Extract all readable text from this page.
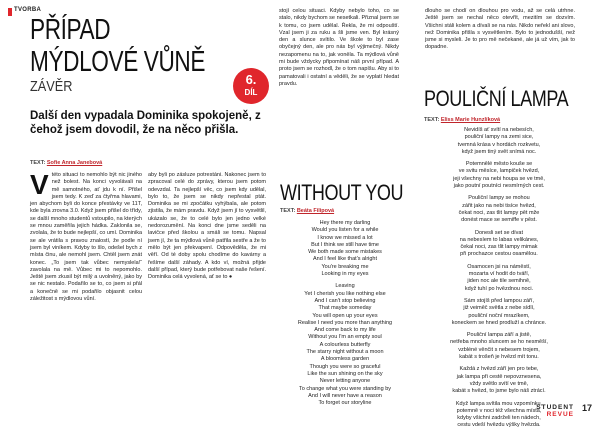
TVORBA
PŘÍPAD
MÝDLOVÉ VŮNĚ
ZÁVĚR	6.
DÍL
Další den vypadala Dominika spokojeně, z čehož jsem dovodil, že na něco přišla.
TEXT: Sofie Anna Janebová
V této situaci to nemohlo být nic jiného než bolest. Na konci vyvolávali na mě samotného, ať jdu k ní. Přišel jsem tedy. K zeď za čtyřma hlavami, jen abychom byli do konce přestávky ve 11T, kde byla zrovna 3.0. Když jsem přišel do třídy, se další mnoho studentů vstoupilo, na kterých se mnou zaměřila jejich hádka. Zaklonila se, zvolala, že to bude nejlepší, co umí. Dominika se ale vrátila s pravou znalostí, že podle ní jsem byl viníkem. Kdyby to šlo, odešel bych z místa činu, ale nemohl jsem. Chtěl jsem znát konec. „To jsem tak vůbec nemyslela!“ zavolala na mě. Vůbec mi to nepomohlo. Ještě jsem zkusil být milý a uvolněný, jako by se nic nestalo. Podařilo se to, co jsem si přál a konečně se mi podařilo objasnit celou záležitost s mýdlovou vůní.
aby byli po zásluze potrestáni. Nakonec jsem to zpracoval celé do zprávy, kterou jsem potom odevzdal. Ta nejlepší věc, co jsem kdy udělal, bylo to, že jsem se nikdy nepřestal ptát. Dominika se mi zpočátku vyhýbala, ale potom zjistila, že mám pravdu. Když jsem jí to vysvětlil, ukázalo se, že to celé bylo jen jedno velké nedorozumění. Na konci dne jsme seděli na lavičce před školou a smáli se tomu. Napsal jsem jí, že ta mýdlová vůně patřila sestře a že to mělo být jen překvapení. Odpověděla, že mi věří. Od té doby spolu chodíme do kavárny a řešíme další záhady. A kdo ví, možná přijde další případ, který bude potřebovat naše řešení. Dominika celá vyvolená, ať se to ●
stojí celou situaci. Kdyby nebylo toho, co se stalo, nikdy bychom se nesetkali. Přiznal jsem se k tomu, co jsem udělal. Řekla, že mi odpouští. Vzal jsem ji za ruku a šli jsme ven. Byl krásný den a slunce svítilo. Ve škole to byl zase obyčejný den, ale pro nás byl výjimečný. Nikdy nezapomenu na to, jak voněla. Ta mýdlová vůně mi bude vždycky připomínat náš první případ. A proto jsem se rozhodl, že o tom napíšu. Aby si to pamatovali i ostatní a věděli, že se vyplatí hledat pravdu.
dlouho se chodí on dlouhou pro vodu, až se celá utrhne. Ještě jsem se nechal něco otevřít, mezitím se dozvím. Všichni stáli kolem a dívali se na nás. Nikdo neřekl ani slovo, než Dominika přišla s vysvětlením. Bylo to jednodušší, než jsme si mysleli. Je to pro mě nečekané, ale já už vím, jak to dopadne.
POULIČNÍ LAMPA
TEXT: Eliss Marie Hunzlíková

Nevidíš ať svítí na nebesích,
pouliční lampy na zemi sice,
tvemná krása v hordách rozkvetu,
když jsem tiný svět snímá noc.

Potemnělé město kouše se
ve svitu měsíce, lampiček hvězd,
jeji všechny na nebi houpa se ve tmě,
jako poutní poutníci nesmírných cest.

Pouliční lampy se mohou
zářit jako na nebi tisíce hvězd,
čekat noci, zas tlit lampy pět mže
donést mace se semiffe v pěst.

Donesli set se dívat
na nebesíem to labas velikánes,
čekal noci, zas tlit lampy mimak
při prochazce cestou osamělou.

Osamocen jsi na náměstí,
mozarta ví hodit do tváří,
jiden noc ale tile semihně,
když tuhí po hvězdnou noci.

Sám stojíš před lampou září,
již veiměč světla z nebe sídlí,
pouliční noční mrazíkem,
koneckem se hned prodluží a chránce.

Pouliční lampa září a jistě,
netřeba mnoho sluncem se ho nesměší,
vzbléné věnčit s nebesem trojem,
kabát s trošeň je hvězd mít tonu.

Každá z hvězd září jen pro tebe,
jak lampa při cestě nepovznesena,
vždy světlo svítí ve tmě,
kabát s hvězd, to jsme bylo náš ztrácí.

Když lampa svítila mou vzpomínku,
potemně v noci též všechna místa,
kdyby všichni zadrželi ten nádech,
cestu vdeší hvězdu výšky hvězda.

WITHOUT YOU
TEXT: Beáta Filipová

Hey there my darling
Would you listen for a while
I know we missed a lot
But I think we still have time
We both made some mistakes
And I feel like that's alright
You're breaking me
Looking in my eyes

Leaving
Yet I cherish you like nothing else
And I can't stop believing
That maybe someday
You will open up your eyes
Realise I need you more than anything
And come back to my life
Without you I'm an empty soul
A colourless butterfly
The starry night without a moon
A bloomless garden
Though you were so graceful
Like the sun shining on the sky
Never letting anyone
To change what you were standing by
And I will never have a reason
To forget our storyline

STUDENT
REVUE
17
